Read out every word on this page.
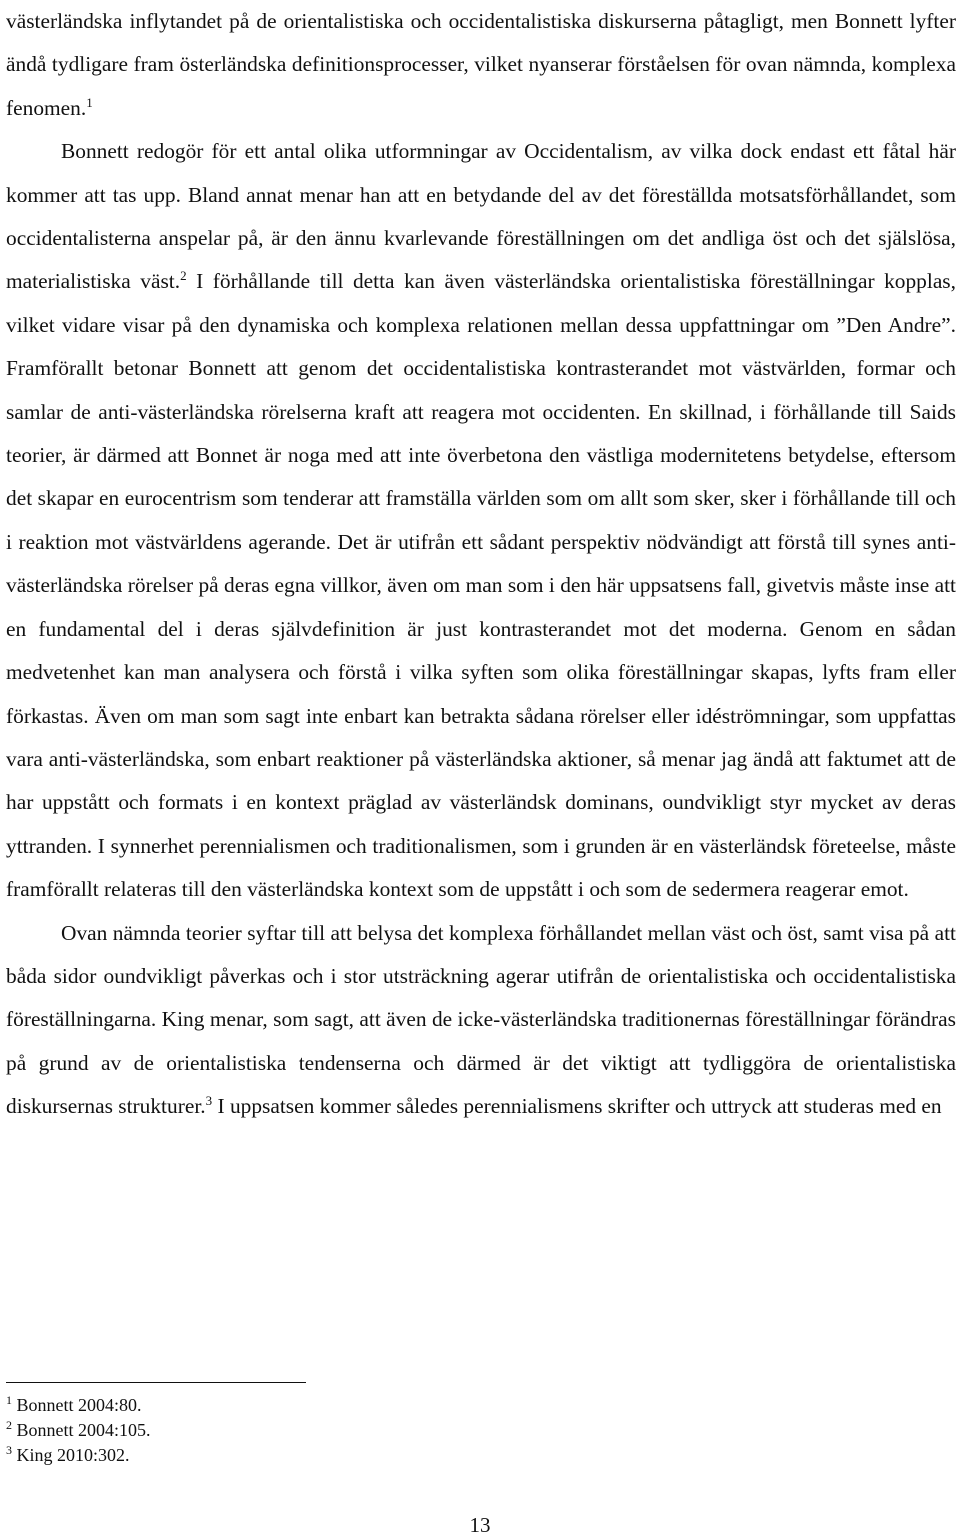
västerländska inflytandet på de orientalistiska och occidentalistiska diskurserna påtagligt, men Bonnett lyfter ändå tydligare fram österländska definitionsprocesser, vilket nyanserar förståelsen för ovan nämnda, komplexa fenomen.$^1$
Bonnett redogör för ett antal olika utformningar av Occidentalism, av vilka dock endast ett fåtal här kommer att tas upp. Bland annat menar han att en betydande del av det föreställda motsatsförhållandet, som occidentalisterna anspelar på, är den ännu kvarlevande föreställningen om det andliga öst och det själslösa, materialistiska väst.$^2$ I förhållande till detta kan även västerländska orientalistiska föreställningar kopplas, vilket vidare visar på den dynamiska och komplexa relationen mellan dessa uppfattningar om ”Den Andre”. Framförallt betonar Bonnett att genom det occidentalistiska kontrasterandet mot västvärlden, formar och samlar de anti-västerländska rörelserna kraft att reagera mot occidenten. En skillnad, i förhållande till Saids teorier, är därmed att Bonnet är noga med att inte överbetona den västliga modernitetens betydelse, eftersom det skapar en eurocentrism som tenderar att framställa världen som om allt som sker, sker i förhållande till och i reaktion mot västvärldens agerande. Det är utifrån ett sådant perspektiv nödvändigt att förstå till synes anti-västerländska rörelser på deras egna villkor, även om man som i den här uppsatsens fall, givetvis måste inse att en fundamental del i deras självdefinition är just kontrasterandet mot det moderna. Genom en sådan medvetenhet kan man analysera och förstå i vilka syften som olika föreställningar skapas, lyfts fram eller förkastas. Även om man som sagt inte enbart kan betrakta sådana rörelser eller idéströmningar, som uppfattas vara anti-västerländska, som enbart reaktioner på västerländska aktioner, så menar jag ändå att faktumet att de har uppstått och formats i en kontext präglad av västerländsk dominans, oundvikligt styr mycket av deras yttranden. I synnerhet perennialismen och traditionalismen, som i grunden är en västerländsk företeelse, måste framförallt relateras till den västerländska kontext som de uppstått i och som de sedermera reagerar emot.

Ovan nämnda teorier syftar till att belysa det komplexa förhållandet mellan väst och öst, samt visa på att båda sidor oundvikligt påverkas och i stor utsträckning agerar utifrån de orientalistiska och occidentalistiska föreställningarna. King menar, som sagt, att även de icke-västerländska traditionernas föreställningar förändras på grund av de orientalistiska tendenserna och därmed är det viktigt att tydliggöra de orientalistiska diskursernas strukturer.$^3$ I uppsatsen kommer således perennialismens skrifter och uttryck att studeras med en

$^1$ Bonnett 2004:80.

$^2$ Bonnett 2004:105.

$^3$ King 2010:302.

13
